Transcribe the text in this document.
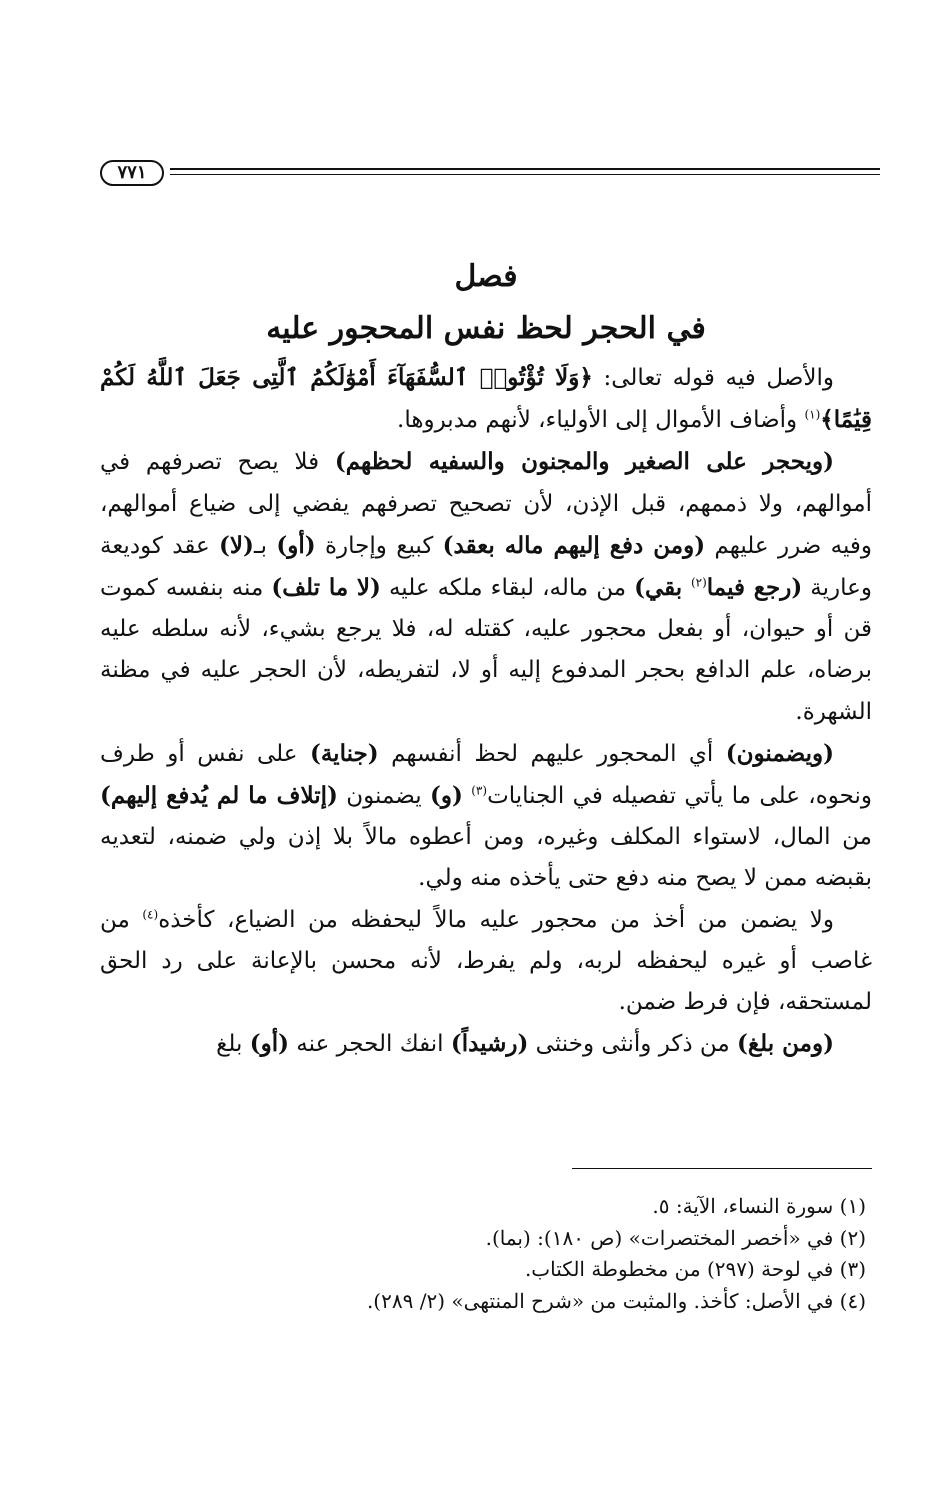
٧٧١
فصل
في الحجر لحظ نفس المحجور عليه

والأصل فيه قوله تعالى: ﴿وَلَا تُؤْتُوا۟ ٱلسُّفَهَآءَ أَمْوَٰلَكُمُ ٱلَّتِى جَعَلَ ٱللَّهُ لَكُمْ قِيَٰمًا﴾$^{(١)}$ وأضاف الأموال إلى الأولياء، لأنهم مدبروها.

(ويحجر على الصغير والمجنون والسفيه لحظهم) فلا يصح تصرفهم في أموالهم، ولا ذممهم، قبل الإذن، لأن تصحيح تصرفهم يفضي إلى ضياع أموالهم، وفيه ضرر عليهم (ومن دفع إليهم ماله بعقد) كبيع وإجارة (أو) بـ(لا) عقد كوديعة وعارية (رجع فيما$^{(٢)}$ بقي) من ماله، لبقاء ملكه عليه (لا ما تلف) منه بنفسه كموت قن أو حيوان، أو بفعل محجور عليه، كقتله له، فلا يرجع بشيء، لأنه سلطه عليه برضاه، علم الدافع بحجر المدفوع إليه أو لا، لتفريطه، لأن الحجر عليه في مظنة الشهرة.

(ويضمنون) أي المحجور عليهم لحظ أنفسهم (جناية) على نفس أو طرف ونحوه، على ما يأتي تفصيله في الجنايات$^{(٣)}$ (و) يضمنون (إتلاف ما لم يُدفع إليهم) من المال، لاستواء المكلف وغيره، ومن أعطوه مالاً بلا إذن ولي ضمنه، لتعديه بقبضه ممن لا يصح منه دفع حتى يأخذه منه ولي.

ولا يضمن من أخذ من محجور عليه مالاً ليحفظه من الضياع، كأخذه$^{(٤)}$ من غاصب أو غيره ليحفظه لربه، ولم يفرط، لأنه محسن بالإعانة على رد الحق لمستحقه، فإن فرط ضمن.

(ومن بلغ) من ذكر وأنثى وخنثى (رشيداً) انفك الحجر عنه (أو) بلغ

(١) سورة النساء، الآية: ٥.

(٢) في «أخصر المختصرات» (ص ١٨٠): (بما).

(٣) في لوحة (٢٩٧) من مخطوطة الكتاب.

(٤) في الأصل: كأخذ. والمثبت من «شرح المنتهى» (٢/ ٢٨٩).
